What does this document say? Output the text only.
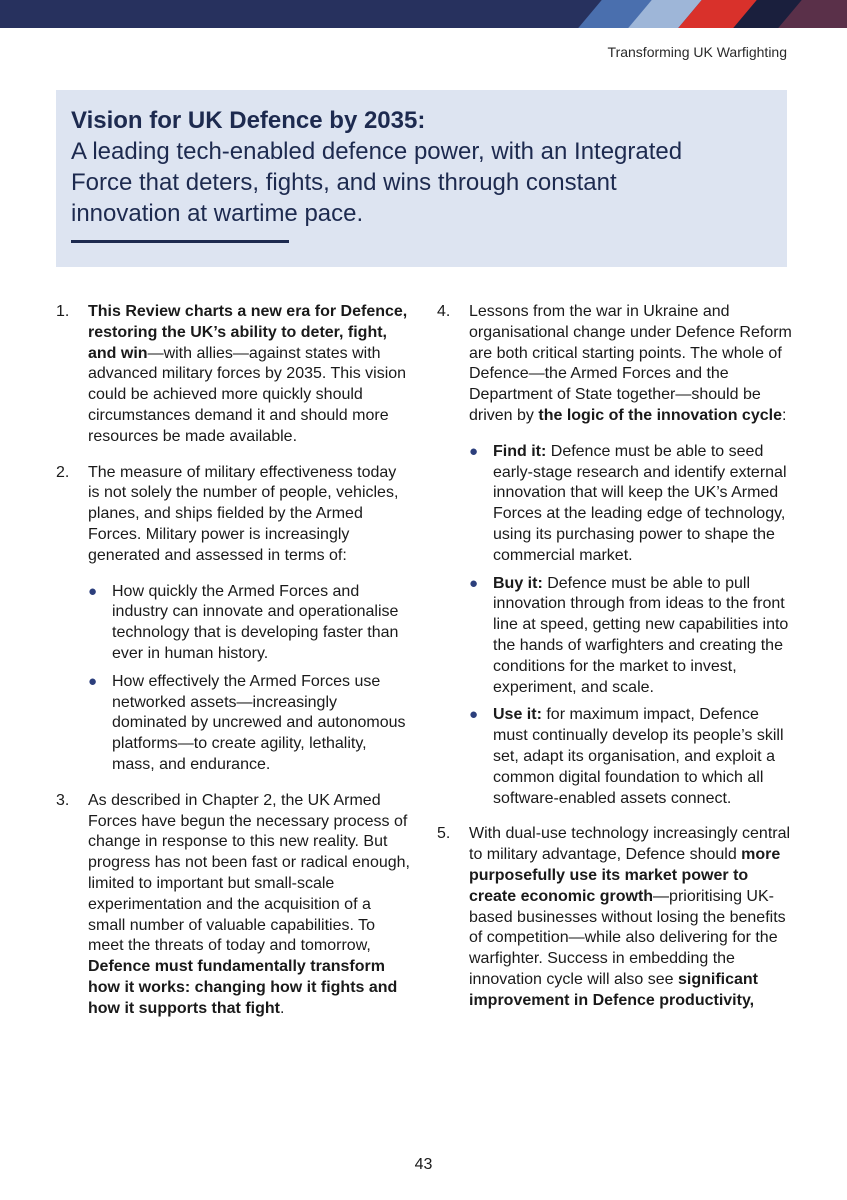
Transforming UK Warfighting
Vision for UK Defence by 2035:
A leading tech-enabled defence power, with an Integrated
Force that deters, fights, and wins through constant
innovation at wartime pace.
1. This Review charts a new era for Defence, restoring the UK’s ability to deter, fight, and win—with allies—against states with advanced military forces by 2035. This vision could be achieved more quickly should circumstances demand it and should more resources be made available.
2. The measure of military effectiveness today is not solely the number of people, vehicles, planes, and ships fielded by the Armed Forces. Military power is increasingly generated and assessed in terms of:
● How quickly the Armed Forces and industry can innovate and operationalise technology that is developing faster than ever in human history.
● How effectively the Armed Forces use networked assets—increasingly dominated by uncrewed and autonomous platforms—to create agility, lethality, mass, and endurance.
3. As described in Chapter 2, the UK Armed Forces have begun the necessary process of change in response to this new reality. But progress has not been fast or radical enough, limited to important but small-scale experimentation and the acquisition of a small number of valuable capabilities. To meet the threats of today and tomorrow, Defence must fundamentally transform how it works: changing how it fights and how it supports that fight.
4. Lessons from the war in Ukraine and organisational change under Defence Reform are both critical starting points. The whole of Defence—the Armed Forces and the Department of State together—should be driven by the logic of the innovation cycle:
● Find it: Defence must be able to seed early-stage research and identify external innovation that will keep the UK’s Armed Forces at the leading edge of technology, using its purchasing power to shape the commercial market.
● Buy it: Defence must be able to pull innovation through from ideas to the front line at speed, getting new capabilities into the hands of warfighters and creating the conditions for the market to invest, experiment, and scale.
● Use it: for maximum impact, Defence must continually develop its people’s skill set, adapt its organisation, and exploit a common digital foundation to which all software-enabled assets connect.
5. With dual-use technology increasingly central to military advantage, Defence should more purposefully use its market power to create economic growth—prioritising UK-based businesses without losing the benefits of competition—while also delivering for the warfighter. Success in embedding the innovation cycle will also see significant improvement in Defence productivity,
43
